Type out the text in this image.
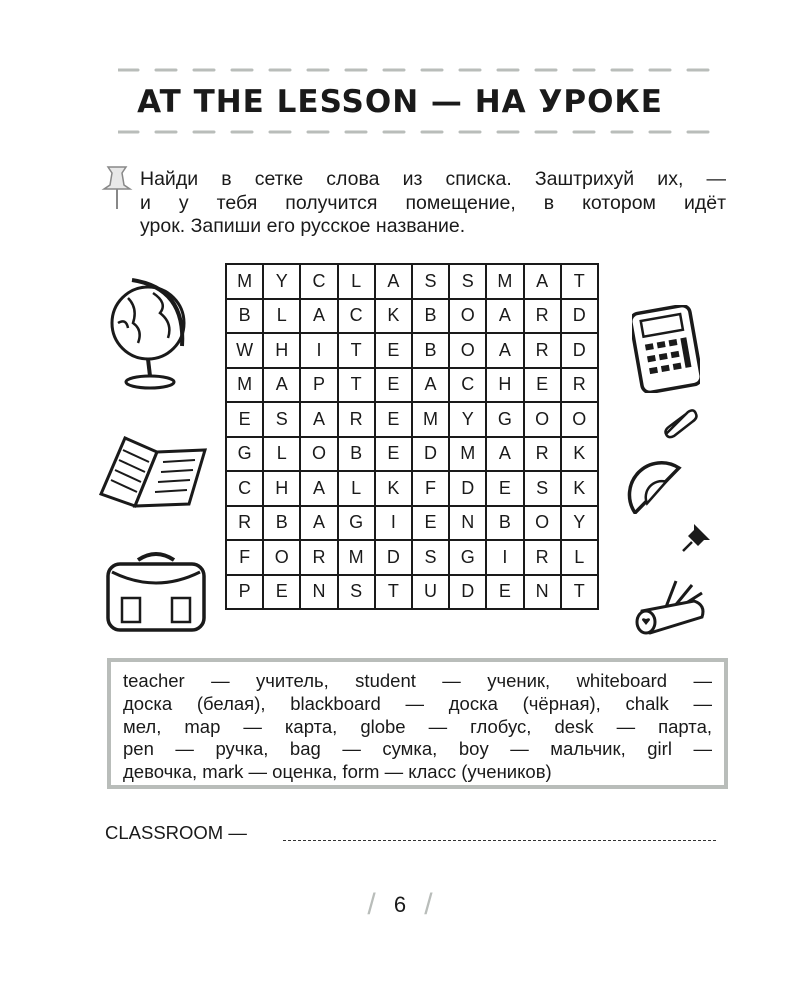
AT THE LESSON — НА УРОКЕ
Найди в сетке слова из списка. Заштрихуй их, —
и у тебя получится помещение, в котором идёт
урок. Запиши его русское название.
M	Y	C	L	A	S	S	M	A	T
B	L	A	C	K	B	O	A	R	D
W	H	I	T	E	B	O	A	R	D
M	A	P	T	E	A	C	H	E	R
E	S	A	R	E	M	Y	G	O	O
G	L	O	B	E	D	M	A	R	K
C	H	A	L	K	F	D	E	S	K
R	B	A	G	I	E	N	B	O	Y
F	O	R	M	D	S	G	I	R	L
P	E	N	S	T	U	D	E	N	T
teacher — учитель, student — ученик, whiteboard —
доска (белая), blackboard — доска (чёрная), chalk —
мел, map — карта, globe — глобус, desk — парта,
pen — ручка, bag — сумка, boy — мальчик, girl —
девочка, mark — оценка, form — класс (учеников)
CLASSROOM —
/ 6 /
